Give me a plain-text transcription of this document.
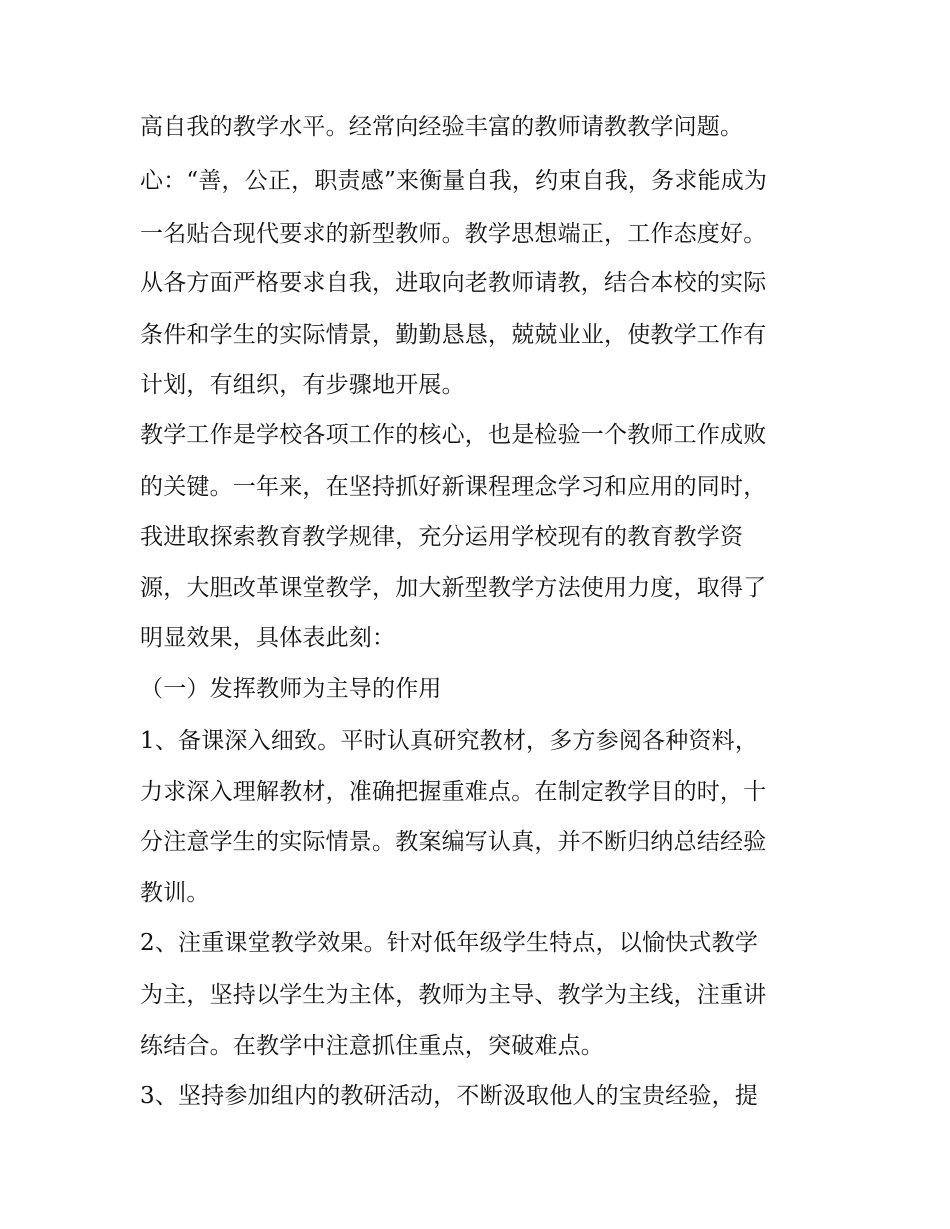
高自我的教学水平。经常向经验丰富的教师请教教学问题。
心：“善，公正，职责感”来衡量自我，约束自我，务求能成为
一名贴合现代要求的新型教师。教学思想端正，工作态度好。
从各方面严格要求自我，进取向老教师请教，结合本校的实际
条件和学生的实际情景，勤勤恳恳，兢兢业业，使教学工作有
计划，有组织，有步骤地开展。
教学工作是学校各项工作的核心，也是检验一个教师工作成败
的关键。一年来，在坚持抓好新课程理念学习和应用的同时，
我进取探索教育教学规律，充分运用学校现有的教育教学资
源，大胆改革课堂教学，加大新型教学方法使用力度，取得了
明显效果，具体表此刻：
（一）发挥教师为主导的作用
1、备课深入细致。平时认真研究教材，多方参阅各种资料，
力求深入理解教材，准确把握重难点。在制定教学目的时，十
分注意学生的实际情景。教案编写认真，并不断归纳总结经验
教训。
2、注重课堂教学效果。针对低年级学生特点，以愉快式教学
为主，坚持以学生为主体，教师为主导、教学为主线，注重讲
练结合。在教学中注意抓住重点，突破难点。
3、坚持参加组内的教研活动，不断汲取他人的宝贵经验，提
